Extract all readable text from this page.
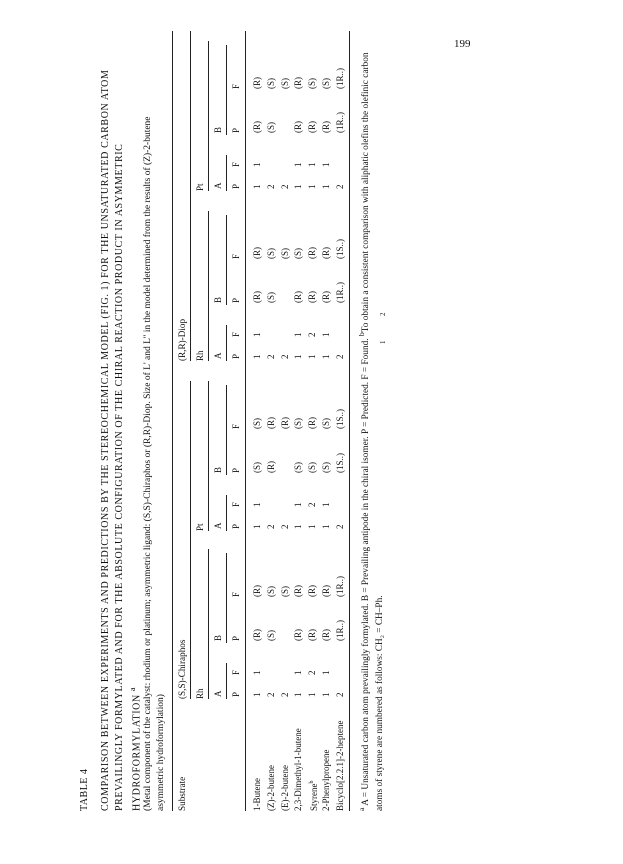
199
TABLE 4 COMPARISON BETWEEN EXPERIMENTS AND PREDICTIONS BY THE STEREOCHEMICAL MODEL (FIG. 1) FOR THE UNSATURATED CARBON ATOM PREVAILINGLY FORMYLATED AND FOR THE ABSOLUTE CONFIGURATION OF THE CHIRAL REACTION PRODUCT IN ASYMMETRIC HYDROFORMYLATION $^a$ (Metal component of the catalyst: rhodium or platinum; asymmetric ligand: (S,S)-Chiraphos or (R,R)-Diop. Size of L' and L'' in the model determined from the results of (Z)-2-butene asymmetric hydroformylation) Substrate
(S,S)-Chiraphos
(R,R)-Diop
Rh A
B
P
F
P
F
Pt A
B
P
F
P
F
Rh A
B
P
F
P
F
Pt A
B
P
F
P
F
1-Butene
1
1
(R)
(R)
1
1
(S)
(S)
1
1
(R)
(R)
1
1
(R)
(R)
(Z)-2-butene
2
(S)
(S)
2
(R)
(R)
2
(S)
(S)
2
(S)
(S)
(E)-2-butene
2
(S)
2
(R)
2
(S)
2
(S)
2,3-Dimethyl-1-butene
1
1
(R)
(R)
1
1
(S)
(S)
1
1
(R)
(S)
1
1
(R)
(R)
Styrene$^b$
1
2
(R)
(R)
1
2
(S)
(R)
1
2
(R)
(R)
1
1
(R)
(S)
2-Phenylpropene
1
1
(R)
(R)
1
1
(S)
(S)
1
1
(R)
(R)
1
1
(R)
(S)
Bicyclo[2.2.1]-2-heptene
2
(1R..)
(1R..)
2
(1S..)
(1S..)
2
(1R..)
(1S..)
2
(1R..)
(1R..)
$^a$ A = Unsaturated carbon atom prevailingly formylated. B = Prevailing antipode in the chiral isomer. P = Predicted. F = Found. $^b$To obtain a consistent comparison with aliphatic olefins the olefinic carbon atoms of styrene are numbered as follows: CH₂ = CH–Ph.
1
2
